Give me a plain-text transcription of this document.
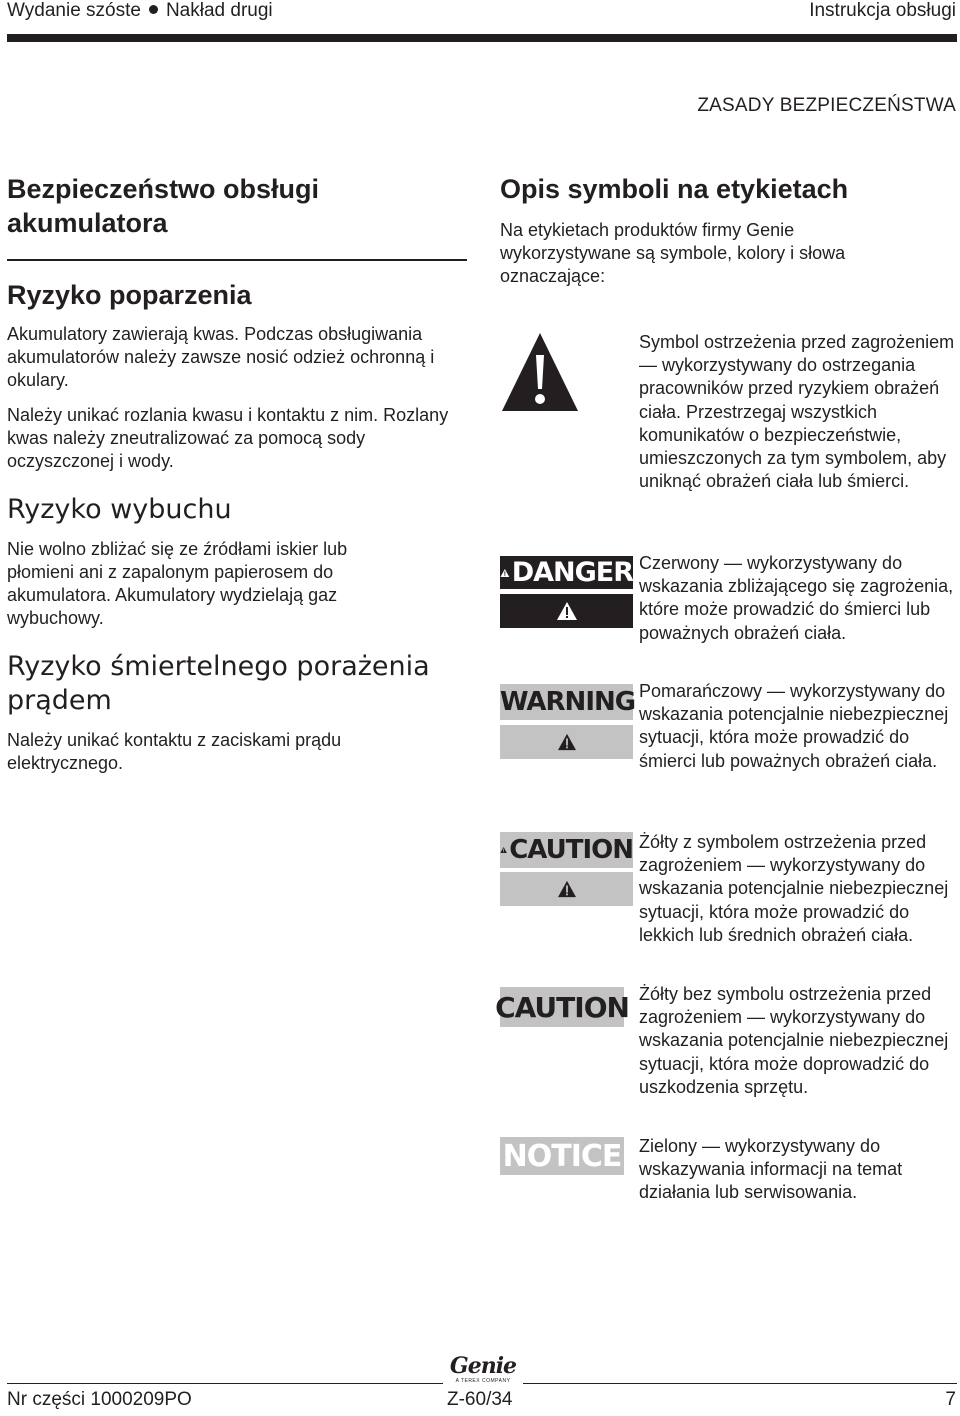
Wydanie szóste Nakład drugi	Instrukcja obsługi
ZASADY BEZPIECZEŃSTWA
Bezpieczeństwo obsługi akumulatora
Ryzyko poparzenia

Akumulatory zawierają kwas. Podczas obsługiwania akumulatorów należy zawsze nosić odzież ochronną i okulary.

Należy unikać rozlania kwasu i kontaktu z nim. Rozlany kwas należy zneutralizować za pomocą sody oczyszczonej i wody.

Ryzyko wybuchu

Nie wolno zbliżać się ze źródłami iskier lub płomieni ani z zapalonym papierosem do akumulatora. Akumulatory wydzielają gaz wybuchowy.

Ryzyko śmiertelnego porażenia prądem

Należy unikać kontaktu z zaciskami prądu elektrycznego.

Opis symboli na etykietach

Na etykietach produktów firmy Genie wykorzystywane są symbole, kolory i słowa oznaczające:

Symbol ostrzeżenia przed zagrożeniem — wykorzystywany do ostrzegania pracowników przed ryzykiem obrażeń ciała. Przestrzegaj wszystkich komunikatów o bezpieczeństwie, umieszczonych za tym symbolem, aby uniknąć obrażeń ciała lub śmierci.
DANGER Czerwony — wykorzystywany do wskazania zbliżającego się zagrożenia, które może prowadzić do śmierci lub poważnych obrażeń ciała.
WARNING Pomarańczowy — wykorzystywany do wskazania potencjalnie niebezpiecznej sytuacji, która może prowadzić do śmierci lub poważnych obrażeń ciała.
CAUTION Żółty z symbolem ostrzeżenia przed zagrożeniem — wykorzystywany do wskazania potencjalnie niebezpiecznej sytuacji, która może prowadzić do lekkich lub średnich obrażeń ciała.
CAUTION Żółty bez symbolu ostrzeżenia przed zagrożeniem — wykorzystywany do wskazania potencjalnie niebezpiecznej sytuacji, która może doprowadzić do uszkodzenia sprzętu.
NOTICE Zielony — wykorzystywany do wskazywania informacji na temat działania lub serwisowania.
Genie
A TEREX COMPANY
Nr części 1000209PO	Z-60/34	7
